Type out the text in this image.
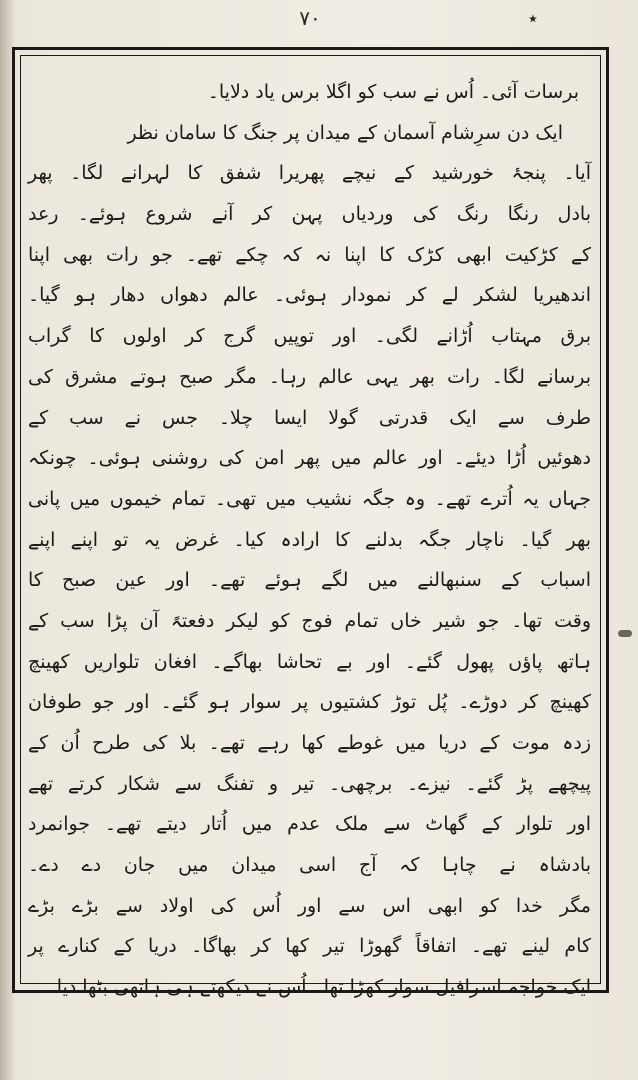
۷۰	٭
برسات آئی۔ اُس نے سب کو اگلا برس یاد دلایا۔
ایک دن سرِشام آسمان کے میدان پر جنگ کا سامان نظر
آیا۔ پنجۂ خورشید کے نیچے پھریرا شفق کا لہرانے لگا۔ پھر
بادل رنگا رنگ کی وردیاں پہن کر آنے شروع ہوئے۔ رعد
کے کڑکیت ابھی کڑک کا اپنا نہ کہ چکے تھے۔ جو رات بھی اپنا
اندھیریا لشکر لے کر نمودار ہوئی۔ عالم دھواں دھار ہو گیا۔
برق مہتاب اُڑانے لگی۔ اور توپیں گرج کر اولوں کا گراب
برسانے لگا۔ رات بھر یہی عالم رہا۔ مگر صبح ہوتے مشرق کی
طرف سے ایک قدرتی گولا ایسا چلا۔ جس نے سب کے
دھوئیں اُڑا دیئے۔ اور عالم میں پھر امن کی روشنی ہوئی۔ چونکہ
جہاں یہ اُترے تھے۔ وہ جگہ نشیب میں تھی۔ تمام خیموں میں پانی
بھر گیا۔ ناچار جگہ بدلنے کا ارادہ کیا۔ غرض یہ تو اپنے اپنے
اسباب کے سنبھالنے میں لگے ہوئے تھے۔ اور عین صبح کا
وقت تھا۔ جو شیر خاں تمام فوج کو لیکر دفعتہً آن پڑا سب کے
ہاتھ پاؤں پھول گئے۔ اور بے تحاشا بھاگے۔ افغان تلواریں کھینچ
کھینچ کر دوڑے۔ پُل توڑ کشتیوں پر سوار ہو گئے۔ اور جو طوفان
زدہ موت کے دریا میں غوطے کھا رہے تھے۔ بلا کی طرح اُن کے
پیچھے پڑ گئے۔ نیزے۔ برچھی۔ تیر و تفنگ سے شکار کرتے تھے
اور تلوار کے گھاٹ سے ملک عدم میں اُتار دیتے تھے۔ جوانمرد
بادشاہ نے چاہا کہ آج اسی میدان میں جان دے دے۔
مگر خدا کو ابھی اس سے اور اُس کی اولاد سے بڑے بڑے
کام لینے تھے۔ اتفاقاً گھوڑا تیر کھا کر بھاگا۔ دریا کے کنارے پر
ایک خواجہ اسرافیل سوار کھڑا تھا۔ اُس نے دیکھتے ہی ہاتھی بٹھا دیا۔
